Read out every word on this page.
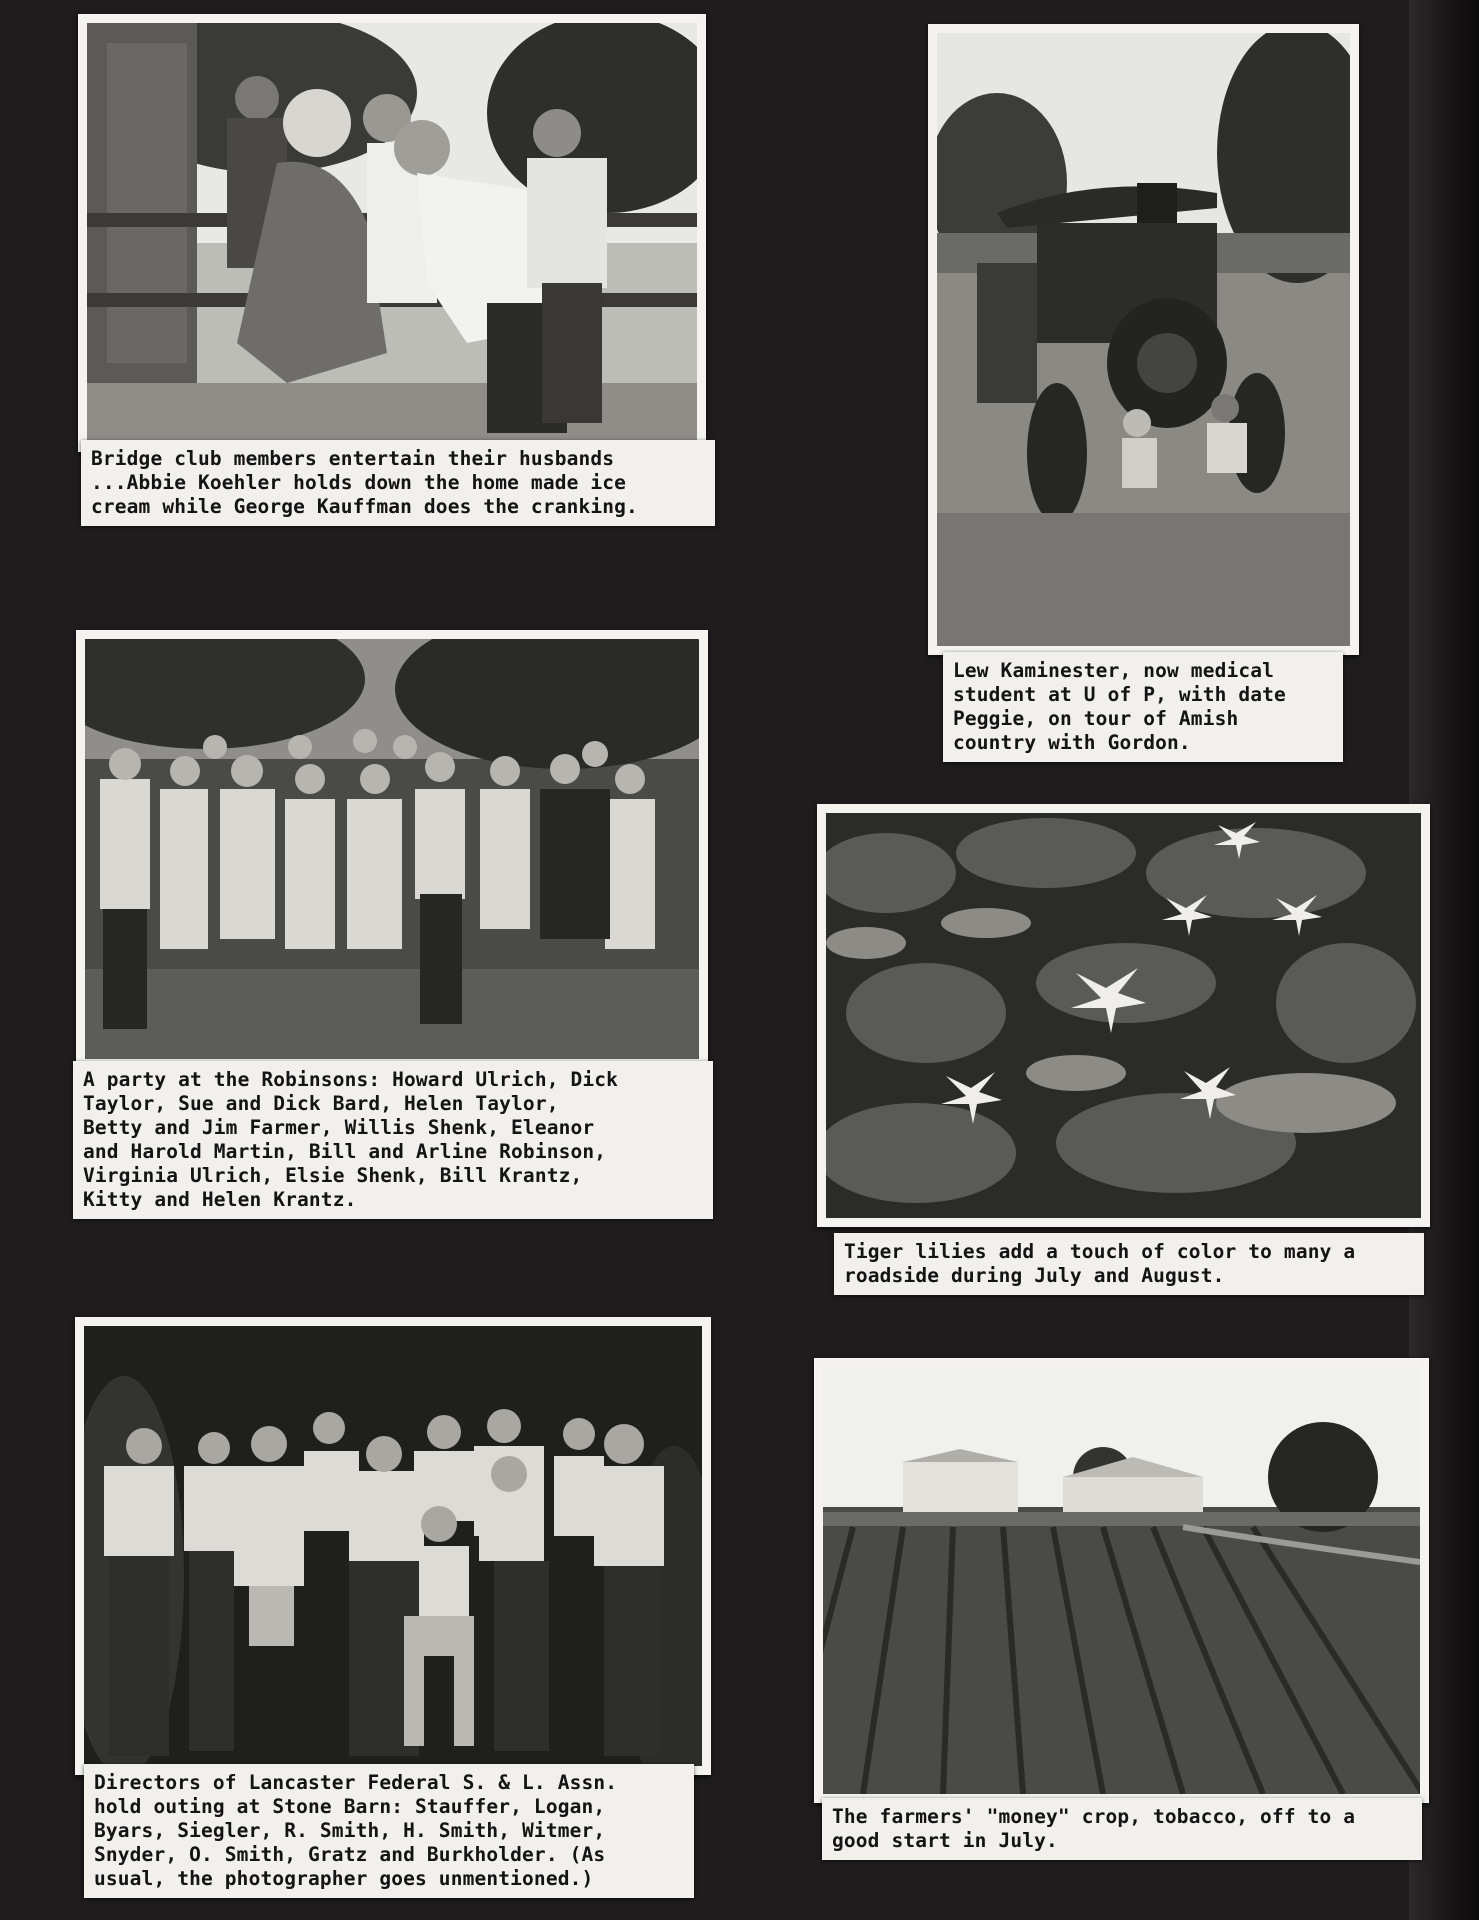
Bridge club members entertain their husbands
...Abbie Koehler holds down the home made ice
cream while George Kauffman does the cranking.
Lew Kaminester, now medical
student at U of P, with date
Peggie, on tour of Amish
country with Gordon.
A party at the Robinsons: Howard Ulrich, Dick
Taylor, Sue and Dick Bard, Helen Taylor,
Betty and Jim Farmer, Willis Shenk, Eleanor
and Harold Martin, Bill and Arline Robinson,
Virginia Ulrich, Elsie Shenk, Bill Krantz,
Kitty and Helen Krantz.
Tiger lilies add a touch of color to many a
roadside during July and August.
Directors of Lancaster Federal S. & L. Assn.
hold outing at Stone Barn: Stauffer, Logan,
Byars, Siegler, R. Smith, H. Smith, Witmer,
Snyder, O. Smith, Gratz and Burkholder. (As
usual, the photographer goes unmentioned.)
The farmers' "money" crop, tobacco, off to a
good start in July.
